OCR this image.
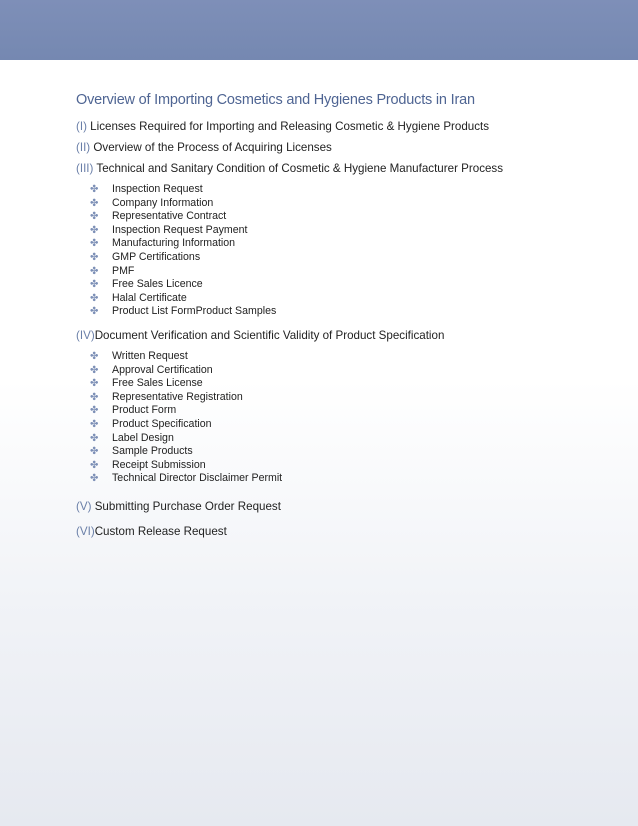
Overview of Importing Cosmetics and Hygienes Products in Iran
(I) Licenses Required for Importing and Releasing Cosmetic & Hygiene Products
(II) Overview of the Process of Acquiring Licenses
(III) Technical and Sanitary Condition of Cosmetic & Hygiene Manufacturer Process
✤ Inspection Request
✤ Company Information
✤ Representative Contract
✤ Inspection Request Payment
✤ Manufacturing Information
✤ GMP Certifications
✤ PMF
✤ Free Sales Licence
✤ Halal Certificate
✤ Product List FormProduct Samples
(IV)Document Verification and Scientific Validity of Product Specification
✤ Written Request
✤ Approval Certification
✤ Free Sales License
✤ Representative Registration
✤ Product Form
✤ Product Specification
✤ Label Design
✤ Sample Products
✤ Receipt Submission
✤ Technical Director Disclaimer Permit
(V) Submitting Purchase Order Request
(VI)Custom Release Request
